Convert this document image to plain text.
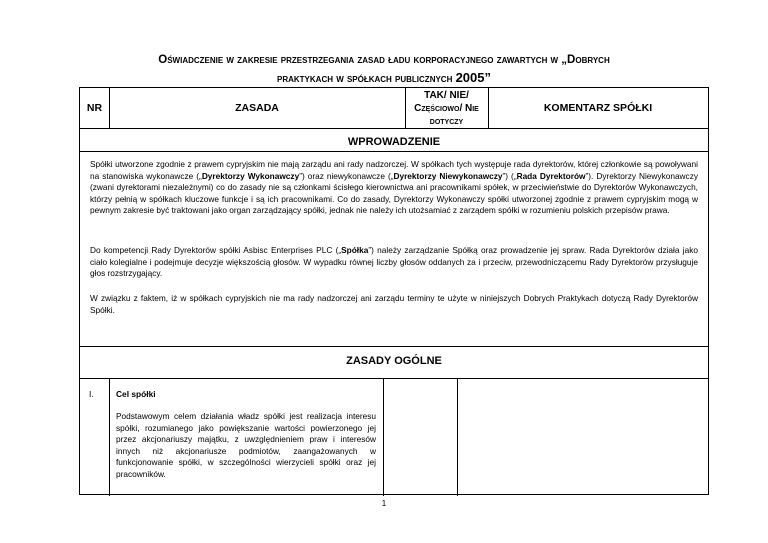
Oświadczenie w zakresie przestrzegania zasad ładu korporacyjnego zawartych w „Dobrych
praktykach w spółkach publicznych 2005”
NR	ZASADA
TAK/ NIE/
Częściowo/ Nie
dotyczy
KOMENTARZ SPÓŁKI
WPROWADZENIE

Spółki utworzone zgodnie z prawem cypryjskim nie mają zarządu ani rady nadzorczej. W spółkach tych występuje rada dyrektorów, której członkowie są powoływani na stanowiska wykonawcze („Dyrektorzy Wykonawczy”) oraz niewykonawcze („Dyrektorzy Niewykonawczy”) („Rada Dyrektorów”). Dyrektorzy Niewykonawczy (zwani dyrektorami niezależnymi) co do zasady nie są członkami ścisłego kierownictwa ani pracownikami spółek, w przeciwieństwie do Dyrektorów Wykonawczych, którzy pełnią w spółkach kluczowe funkcje i są ich pracownikami. Co do zasady, Dyrektorzy Wykonawczy spółki utworzonej zgodnie z prawem cypryjskim mogą w pewnym zakresie być traktowani jako organ zarządzający spółki, jednak nie należy ich utożsamiać z zarządem spółki w rozumieniu polskich przepisów prawa.

Do kompetencji Rady Dyrektorów spółki Asbisc Enterprises PLC („Spółka”) należy zarządzanie Spółką oraz prowadzenie jej spraw. Rada Dyrektorów działa jako ciało kolegialne i podejmuje decyzje większością głosów. W wypadku równej liczby głosów oddanych za i przeciw, przewodniczącemu Rady Dyrektorów przysługuje głos rozstrzygający.

W związku z faktem, iż w spółkach cypryjskich nie ma rady nadzorczej ani zarządu terminy te użyte w niniejszych Dobrych Praktykach dotyczą Rady Dyrektorów Spółki.

ZASADY OGÓLNE
I.	Cel spółki

Podstawowym celem działania władz spółki jest realizacja interesu spółki, rozumianego jako powiększanie wartości powierzonego jej przez akcjonariuszy majątku, z uwzględnieniem praw i interesów innych niż akcjonariusze podmiotów, zaangażowanych w funkcjonowanie spółki, w szczególności wierzycieli spółki oraz jej pracowników.

1
